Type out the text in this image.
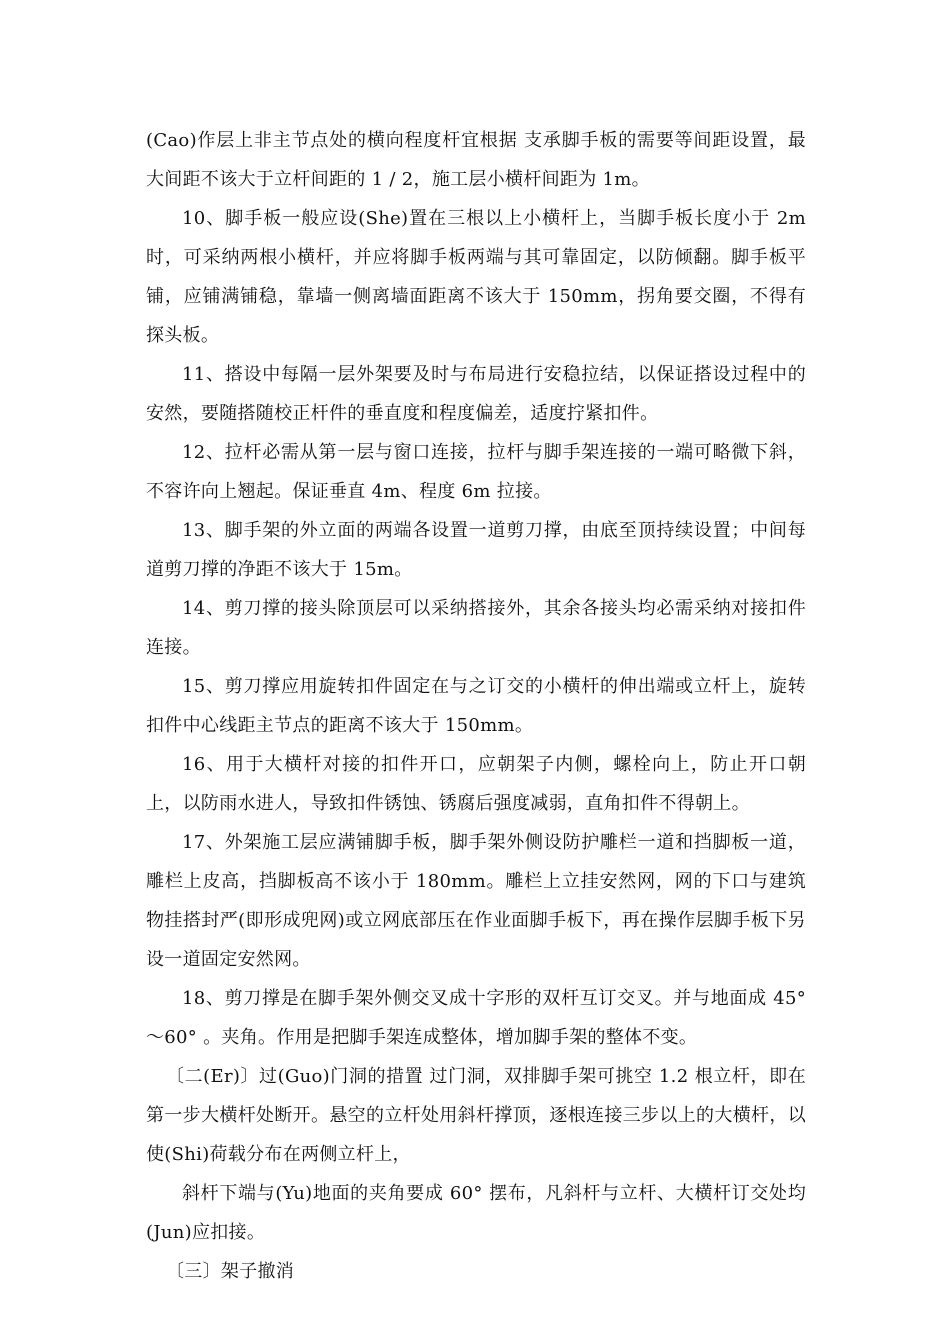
(Cao)作层上非主节点处的横向程度杆宜根据 支承脚手板的需要等间距设置，最大间距不该大于立杆间距的 1 / 2，施工层小横杆间距为 1m。

10、脚手板一般应设(She)置在三根以上小横杆上，当脚手板长度小于 2m 时，可采纳两根小横杆，并应将脚手板两端与其可靠固定，以防倾翻。脚手板平铺，应铺满铺稳，靠墙一侧离墙面距离不该大于 150mm，拐角要交圈，不得有探头板。

11、搭设中每隔一层外架要及时与布局进行安稳拉结，以保证搭设过程中的安然，要随搭随校正杆件的垂直度和程度偏差，适度拧紧扣件。

12、拉杆必需从第一层与窗口连接，拉杆与脚手架连接的一端可略微下斜，不容许向上翘起。保证垂直 4m、程度 6m 拉接。

13、脚手架的外立面的两端各设置一道剪刀撑，由底至顶持续设置；中间每道剪刀撑的净距不该大于 15m。

14、剪刀撑的接头除顶层可以采纳搭接外，其余各接头均必需采纳对接扣件连接。

15、剪刀撑应用旋转扣件固定在与之订交的小横杆的伸出端或立杆上，旋转扣件中心线距主节点的距离不该大于 150mm。

16、用于大横杆对接的扣件开口，应朝架子内侧，螺栓向上，防止开口朝上，以防雨水进人，导致扣件锈蚀、锈腐后强度减弱，直角扣件不得朝上。

17、外架施工层应满铺脚手板，脚手架外侧设防护雕栏一道和挡脚板一道，雕栏上皮高，挡脚板高不该小于 180mm。雕栏上立挂安然网，网的下口与建筑物挂搭封严(即形成兜网)或立网底部压在作业面脚手板下，再在操作层脚手板下另设一道固定安然网。

18、剪刀撑是在脚手架外侧交叉成十字形的双杆互订交叉。并与地面成 45° ～60° 。夹角。作用是把脚手架连成整体，增加脚手架的整体不变。

〔二(Er)〕过(Guo)门洞的措置 过门洞，双排脚手架可挑空 1.2 根立杆，即在第一步大横杆处断开。悬空的立杆处用斜杆撑顶，逐根连接三步以上的大横杆，以使(Shi)荷载分布在两侧立杆上，

斜杆下端与(Yu)地面的夹角要成 60° 摆布，凡斜杆与立杆、大横杆订交处均(Jun)应扣接。

〔三〕架子撤消
